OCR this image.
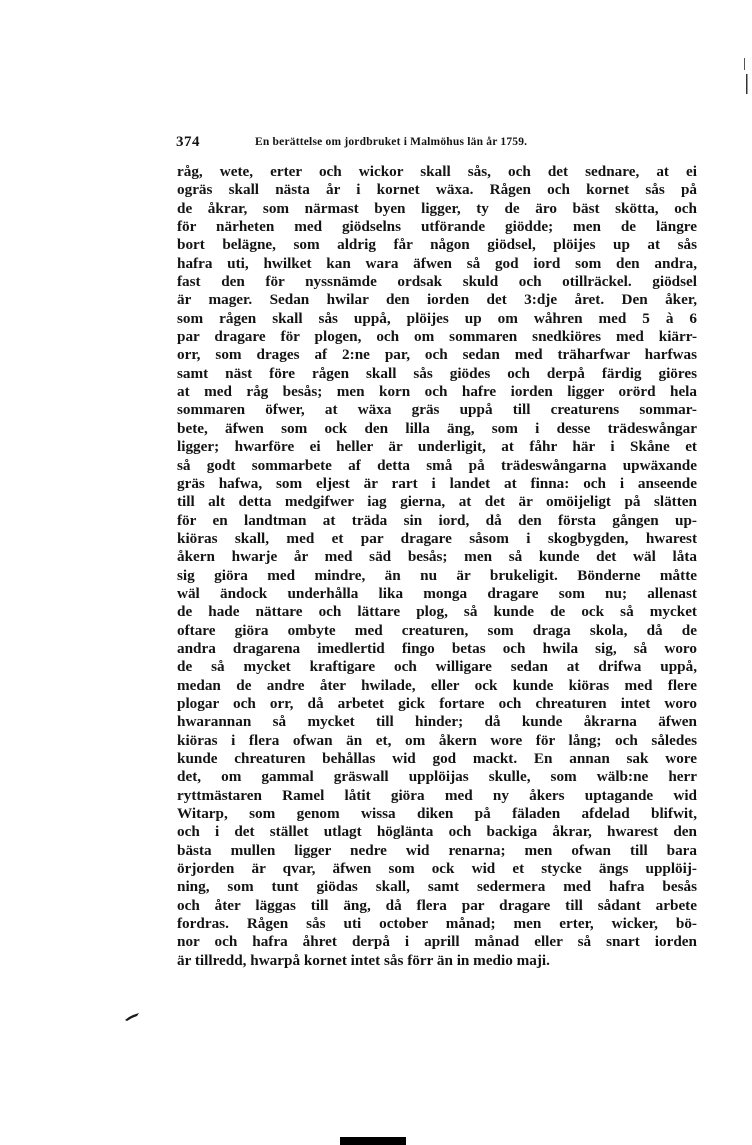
374	En berättelse om jordbruket i Malmöhus län år 1759.
råg, wete, erter och wickor skall sås, och det sednare, at ei
ogräs skall nästa år i kornet wäxa. Rågen och kornet sås på
de åkrar, som närmast byen ligger, ty de äro bäst skötta, och
för närheten med giödselns utförande giödde; men de längre
bort belägne, som aldrig får någon giödsel, plöijes up at sås
hafra uti, hwilket kan wara äfwen så god iord som den andra,
fast den för nyssnämde ordsak skuld och otillräckel. giödsel
är mager. Sedan hwilar den iorden det 3:dje året. Den åker,
som rågen skall sås uppå, plöijes up om wåhren med 5 à 6
par dragare för plogen, och om sommaren snedkiöres med kiärr-
orr, som drages af 2:ne par, och sedan med träharfwar harfwas
samt näst före rågen skall sås giödes och derpå färdig giöres
at med råg besås; men korn och hafre iorden ligger orörd hela
sommaren öfwer, at wäxa gräs uppå till creaturens sommar-
bete, äfwen som ock den lilla äng, som i desse trädeswångar
ligger; hwarföre ei heller är underligit, at fåhr här i Skåne et
så godt sommarbete af detta små på trädeswångarna upwäxande
gräs hafwa, som eljest är rart i landet at finna: och i anseende
till alt detta medgifwer iag gierna, at det är omöijeligt på slätten
för en landtman at träda sin iord, då den första gången up-
kiöras skall, med et par dragare såsom i skogbygden, hwarest
åkern hwarje år med säd besås; men så kunde det wäl låta
sig giöra med mindre, än nu är brukeligit. Bönderne måtte
wäl ändock underhålla lika monga dragare som nu; allenast
de hade nättare och lättare plog, så kunde de ock så mycket
oftare giöra ombyte med creaturen, som draga skola, då de
andra dragarena imedlertid fingo betas och hwila sig, så woro
de så mycket kraftigare och willigare sedan at drifwa uppå,
medan de andre åter hwilade, eller ock kunde kiöras med flere
plogar och orr, då arbetet gick fortare och chreaturen intet woro
hwarannan så mycket till hinder; då kunde åkrarna äfwen
kiöras i flera ofwan än et, om åkern wore för lång; och således
kunde chreaturen behållas wid god mackt. En annan sak wore
det, om gammal gräswall upplöijas skulle, som wälb:ne herr
ryttmästaren Ramel låtit giöra med ny åkers uptagande wid
Witarp, som genom wissa diken på fäladen afdelad blifwit,
och i det stället utlagt höglänta och backiga åkrar, hwarest den
bästa mullen ligger nedre wid renarna; men ofwan till bara
örjorden är qvar, äfwen som ock wid et stycke ängs upplöij-
ning, som tunt giödas skall, samt sedermera med hafra besås
och åter läggas till äng, då flera par dragare till sådant arbete
fordras. Rågen sås uti october månad; men erter, wicker, bö-
nor och hafra åhret derpå i aprill månad eller så snart iorden
är tillredd, hwarpå kornet intet sås förr än in medio maji.
